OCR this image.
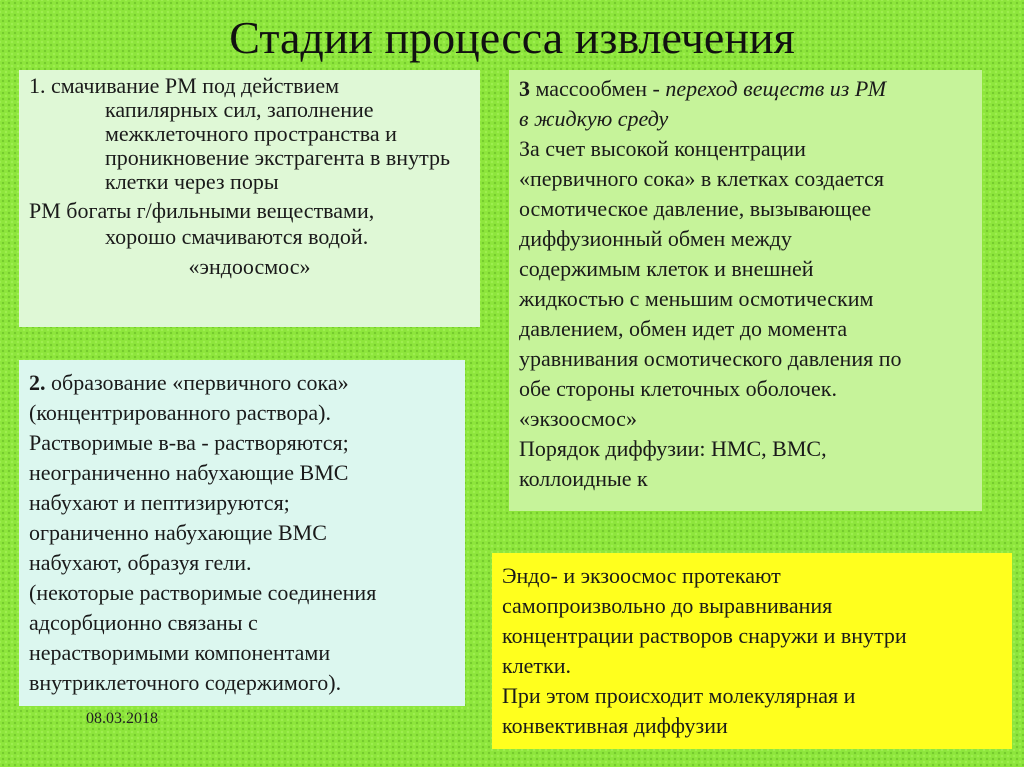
Стадии процесса извлечения

1. смачивание РМ под действием
капилярных сил, заполнение межклеточного пространства и проникновение экстрагента в внутрь клетки через поры

РМ богаты г/фильными веществами,
хорошо смачиваются водой.

«эндоосмос»

2. образование «первичного сока»

(концентрированного раствора).

Растворимые в-ва - растворяются;

неограниченно набухающие ВМС

набухают и пептизируются;

ограниченно набухающие ВМС

набухают, образуя гели.

(некоторые растворимые соединения

адсорбционно связаны с

нерастворимыми компонентами

внутриклеточного содержимого).

3 массообмен - переход веществ из РМ

в жидкую среду

За счет высокой концентрации

«первичного сока» в клетках создается

осмотическое давление, вызывающее

диффузионный обмен между

содержимым клеток и внешней

жидкостью с меньшим осмотическим

давлением, обмен идет до момента

уравнивания осмотического давления по

обе стороны клеточных оболочек.

«экзоосмос»

Порядок диффузии: НМС, ВМС,

коллоидные к

Эндо- и экзоосмос протекают

самопроизвольно до выравнивания

концентрации растворов снаружи и внутри

клетки.

При этом происходит молекулярная и

конвективная диффузии

08.03.2018
